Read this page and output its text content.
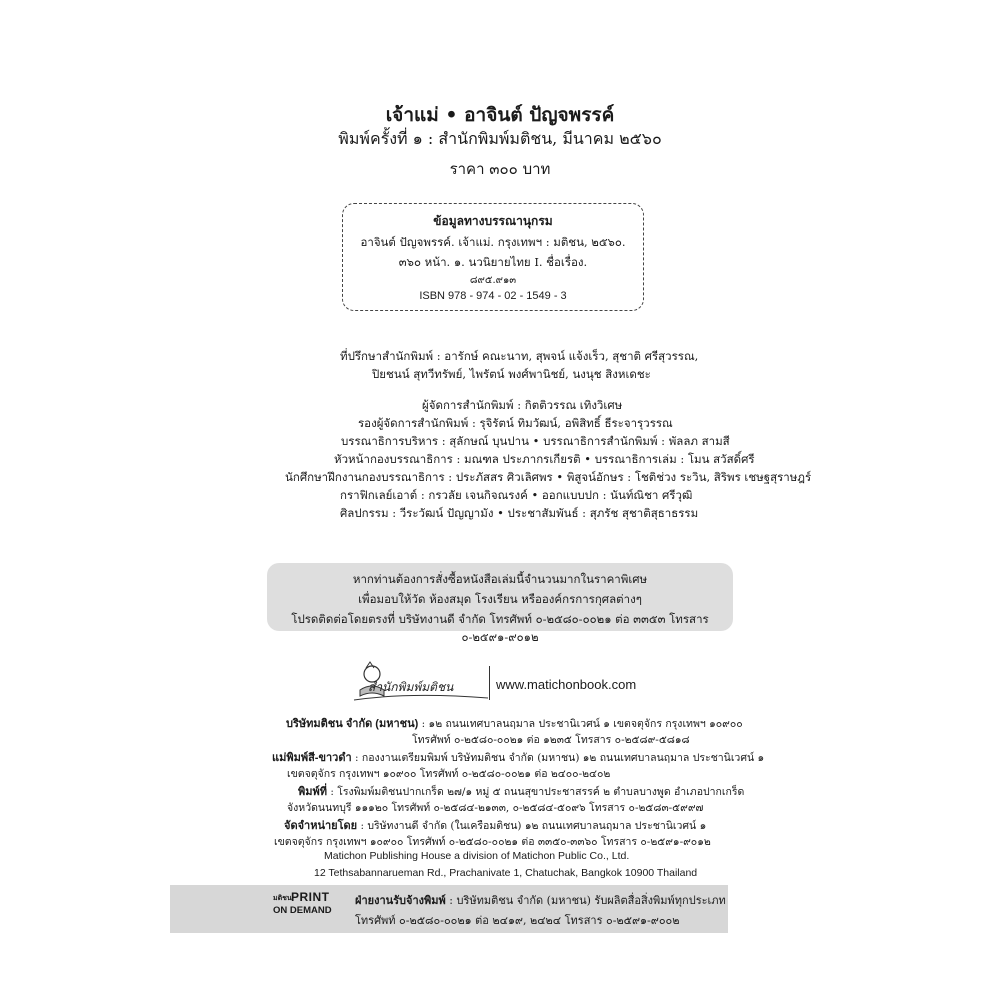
เจ้าแม่ • อาจินต์ ปัญจพรรค์
พิมพ์ครั้งที่ ๑ : สำนักพิมพ์มติชน, มีนาคม ๒๕๖๐
ราคา ๓๐๐ บาท
ข้อมูลทางบรรณานุกรม
อาจินต์ ปัญจพรรค์. เจ้าแม่. กรุงเทพฯ : มติชน, ๒๕๖๐.
๓๖๐ หน้า. ๑. นวนิยายไทย I. ชื่อเรื่อง.
๘๙๕.๙๑๓
ISBN 978 - 974 - 02 - 1549 - 3
ที่ปรึกษาสำนักพิมพ์ : อารักษ์ คณะนาท, สุพจน์ แจ้งเร็ว, สุชาติ ศรีสุวรรณ,
ปิยชนน์ สุทวีทรัพย์, ไพรัตน์ พงศ์พานิชย์, นงนุช สิงหเดชะ
ผู้จัดการสำนักพิมพ์ : กิตติวรรณ เทิงวิเศษ
รองผู้จัดการสำนักพิมพ์ : รุจิรัตน์ ทิมวัฒน์, อพิสิทธิ์ ธีระจารุวรรณ
บรรณาธิการบริหาร : สุลักษณ์ บุนปาน • บรรณาธิการสำนักพิมพ์ : พัลลภ สามสี
หัวหน้ากองบรรณาธิการ : มณฑล ประภากรเกียรติ • บรรณาธิการเล่ม : โมน สวัสดิ์ศรี
นักศึกษาฝึกงานกองบรรณาธิการ : ประภัสสร ศิวเลิศพร • พิสูจน์อักษร : โชติช่วง ระวิน, สิริพร เชษฐสุราษฎร์
กราฟิกเลย์เอาต์ : กรวลัย เจนกิจณรงค์ • ออกแบบปก : นันท์ณิชา ศรีวุฒิ
ศิลปกรรม : วีระวัฒน์ ปัญญามัง • ประชาสัมพันธ์ : สุภรัช สุชาติสุธาธรรม
หากท่านต้องการสั่งซื้อหนังสือเล่มนี้จำนวนมากในราคาพิเศษ
เพื่อมอบให้วัด ห้องสมุด โรงเรียน หรือองค์กรการกุศลต่างๆ
โปรดติดต่อโดยตรงที่ บริษัทงานดี จำกัด โทรศัพท์ ๐-๒๕๘๐-๐๐๒๑ ต่อ ๓๓๕๓ โทรสาร ๐-๒๕๙๑-๙๐๑๒
สำนักพิมพ์มติชน	www.matichonbook.com
บริษัทมติชน จำกัด (มหาชน) : ๑๒ ถนนเทศบาลนฤมาล ประชานิเวศน์ ๑ เขตจตุจักร กรุงเทพฯ ๑๐๙๐๐
โทรศัพท์ ๐-๒๕๘๐-๐๐๒๑ ต่อ ๑๒๓๕ โทรสาร ๐-๒๕๘๙-๕๘๑๘
แม่พิมพ์สี-ขาวดำ : กองงานเตรียมพิมพ์ บริษัทมติชน จำกัด (มหาชน) ๑๒ ถนนเทศบาลนฤมาล ประชานิเวศน์ ๑
เขตจตุจักร กรุงเทพฯ ๑๐๙๐๐ โทรศัพท์ ๐-๒๕๘๐-๐๐๒๑ ต่อ ๒๔๐๐-๒๔๐๒
พิมพ์ที่ : โรงพิมพ์มติชนปากเกร็ด ๒๗/๑ หมู่ ๕ ถนนสุขาประชาสรรค์ ๒ ตำบลบางพูด อำเภอปากเกร็ด
จังหวัดนนทบุรี ๑๑๑๒๐ โทรศัพท์ ๐-๒๕๘๔-๒๑๓๓, ๐-๒๕๘๔-๕๐๙๖ โทรสาร ๐-๒๕๘๓-๕๙๙๗
จัดจำหน่ายโดย : บริษัทงานดี จำกัด (ในเครือมติชน) ๑๒ ถนนเทศบาลนฤมาล ประชานิเวศน์ ๑
เขตจตุจักร กรุงเทพฯ ๑๐๙๐๐ โทรศัพท์ ๐-๒๕๘๐-๐๐๒๑ ต่อ ๓๓๕๐-๓๓๖๐ โทรสาร ๐-๒๕๙๑-๙๐๑๒
Matichon Publishing House a division of Matichon Public Co., Ltd.
12 Tethsabannarueman Rd., Prachanivate 1, Chatuchak, Bangkok 10900 Thailand
มติชน PRINT
ON DEMAND
ฝ่ายงานรับจ้างพิมพ์ : บริษัทมติชน จำกัด (มหาชน) รับผลิตสื่อสิ่งพิมพ์ทุกประเภท
โทรศัพท์ ๐-๒๕๘๐-๐๐๒๑ ต่อ ๒๔๑๙, ๒๔๒๔ โทรสาร ๐-๒๕๙๑-๙๐๐๒
